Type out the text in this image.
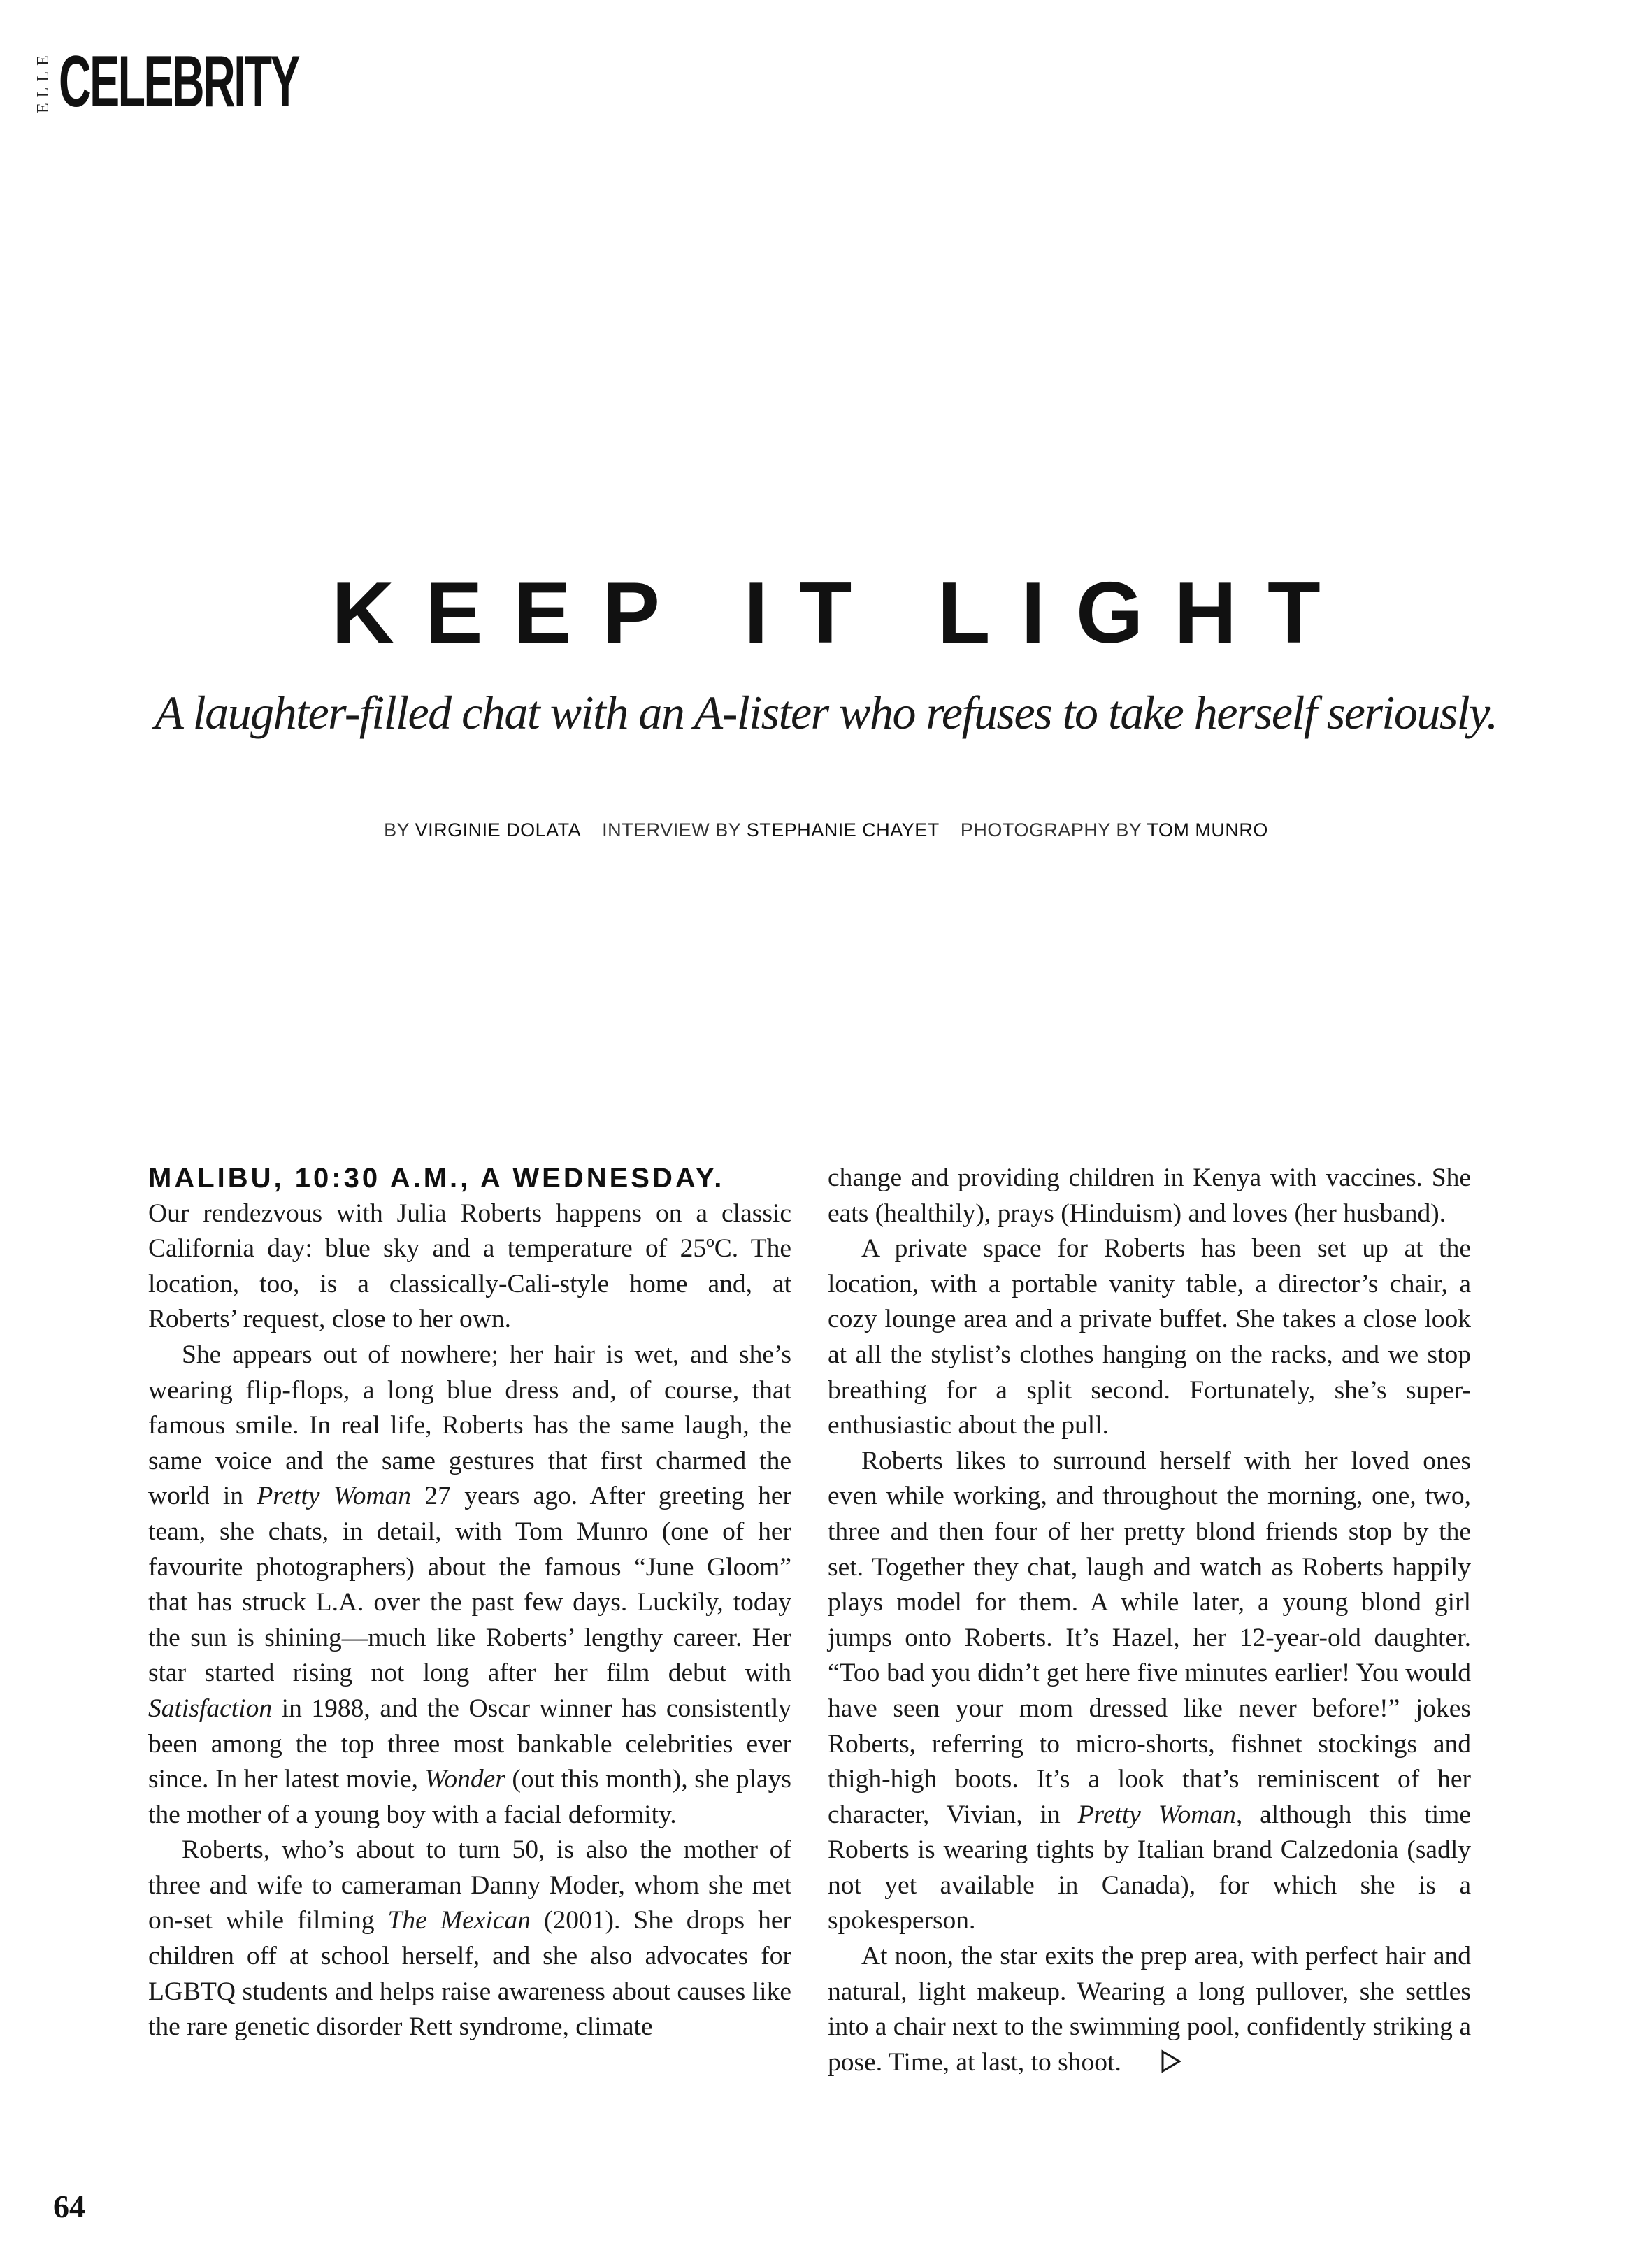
ELLE CELEBRITY
KEEP IT LIGHT
A laughter-filled chat with an A-lister who refuses to take herself seriously.
BY VIRGINIE DOLATA INTERVIEW BY STEPHANIE CHAYET PHOTOGRAPHY BY TOM MUNRO
MALIBU, 10:30 A.M., A WEDNESDAY.

Our rendezvous with Julia Roberts happens on a classic California day: blue sky and a temperature of 25ºC. The location, too, is a classically-Cali-style home and, at Roberts’ request, close to her own.

She appears out of nowhere; her hair is wet, and she’s wearing flip-flops, a long blue dress and, of course, that famous smile. In real life, Roberts has the same laugh, the same voice and the same gestures that first charmed the world in Pretty Woman 27 years ago. After greeting her team, she chats, in detail, with Tom Munro (one of her favourite photographers) about the famous “June Gloom” that has struck L.A. over the past few days. Luckily, today the sun is shining—much like Roberts’ lengthy career. Her star started rising not long after her film debut with Satisfaction in 1988, and the Oscar winner has consistently been among the top three most bankable celebrities ever since. In her latest movie, Wonder (out this month), she plays the mother of a young boy with a facial deformity.

Roberts, who’s about to turn 50, is also the mother of three and wife to cameraman Danny Moder, whom she met on-set while filming The Mexican (2001). She drops her children off at school herself, and she also advocates for LGBTQ students and helps raise awareness about causes like the rare genetic disorder Rett syndrome, climate

change and providing children in Kenya with vaccines. She eats (healthily), prays (Hinduism) and loves (her husband).

A private space for Roberts has been set up at the location, with a portable vanity table, a director’s chair, a cozy lounge area and a private buffet. She takes a close look at all the stylist’s clothes hanging on the racks, and we stop breathing for a split second. Fortunately, she’s super-enthusiastic about the pull.

Roberts likes to surround herself with her loved ones even while working, and throughout the morning, one, two, three and then four of her pretty blond friends stop by the set. Together they chat, laugh and watch as Roberts happily plays model for them. A while later, a young blond girl jumps onto Roberts. It’s Hazel, her 12-year-old daughter. “Too bad you didn’t get here five minutes earlier! You would have seen your mom dressed like never before!” jokes Roberts, referring to micro-shorts, fishnet stockings and thigh-high boots. It’s a look that’s reminiscent of her character, Vivian, in Pretty Woman, although this time Roberts is wearing tights by Italian brand Calzedonia (sadly not yet available in Canada), for which she is a spokesperson.

At noon, the star exits the prep area, with perfect hair and natural, light makeup. Wearing a long pullover, she settles into a chair next to the swimming pool, confidently striking a pose. Time, at last, to shoot.

64
